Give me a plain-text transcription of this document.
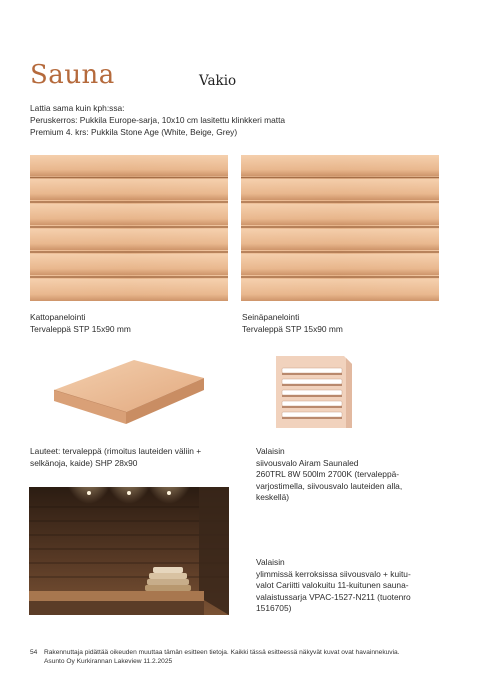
Sauna	Vakio
Lattia sama kuin kph:ssa:
Peruskerros: Pukkila Europe-sarja, 10x10 cm lasitettu klinkkeri matta
Premium 4. krs: Pukkila Stone Age (White, Beige, Grey)
Kattopanelointi
Tervaleppä STP 15x90 mm
Seinäpanelointi
Tervaleppä STP 15x90 mm
Lauteet: tervaleppä (rimoitus lauteiden väliin +
selkänoja, kaide) SHP 28x90
Valaisin
siivousvalo Airam Saunaled
260TRL 8W 500lm 2700K (tervaleppä-
varjostimella, siivousvalo lauteiden alla,
keskellä)
Valaisin
ylimmissä kerroksissa siivousvalo + kuitu-
valot Cariitti valokuitu 11-kuitunen sauna-
valaistussarja VPAC-1527-N211 (tuotenro
1516705)
54 Rakennuttaja pidättää oikeuden muuttaa tämän esitteen tietoja. Kaikki tässä esitteessä näkyvät kuvat ovat havainnekuvia.
Asunto Oy Kurkirannan Lakeview 11.2.2025
